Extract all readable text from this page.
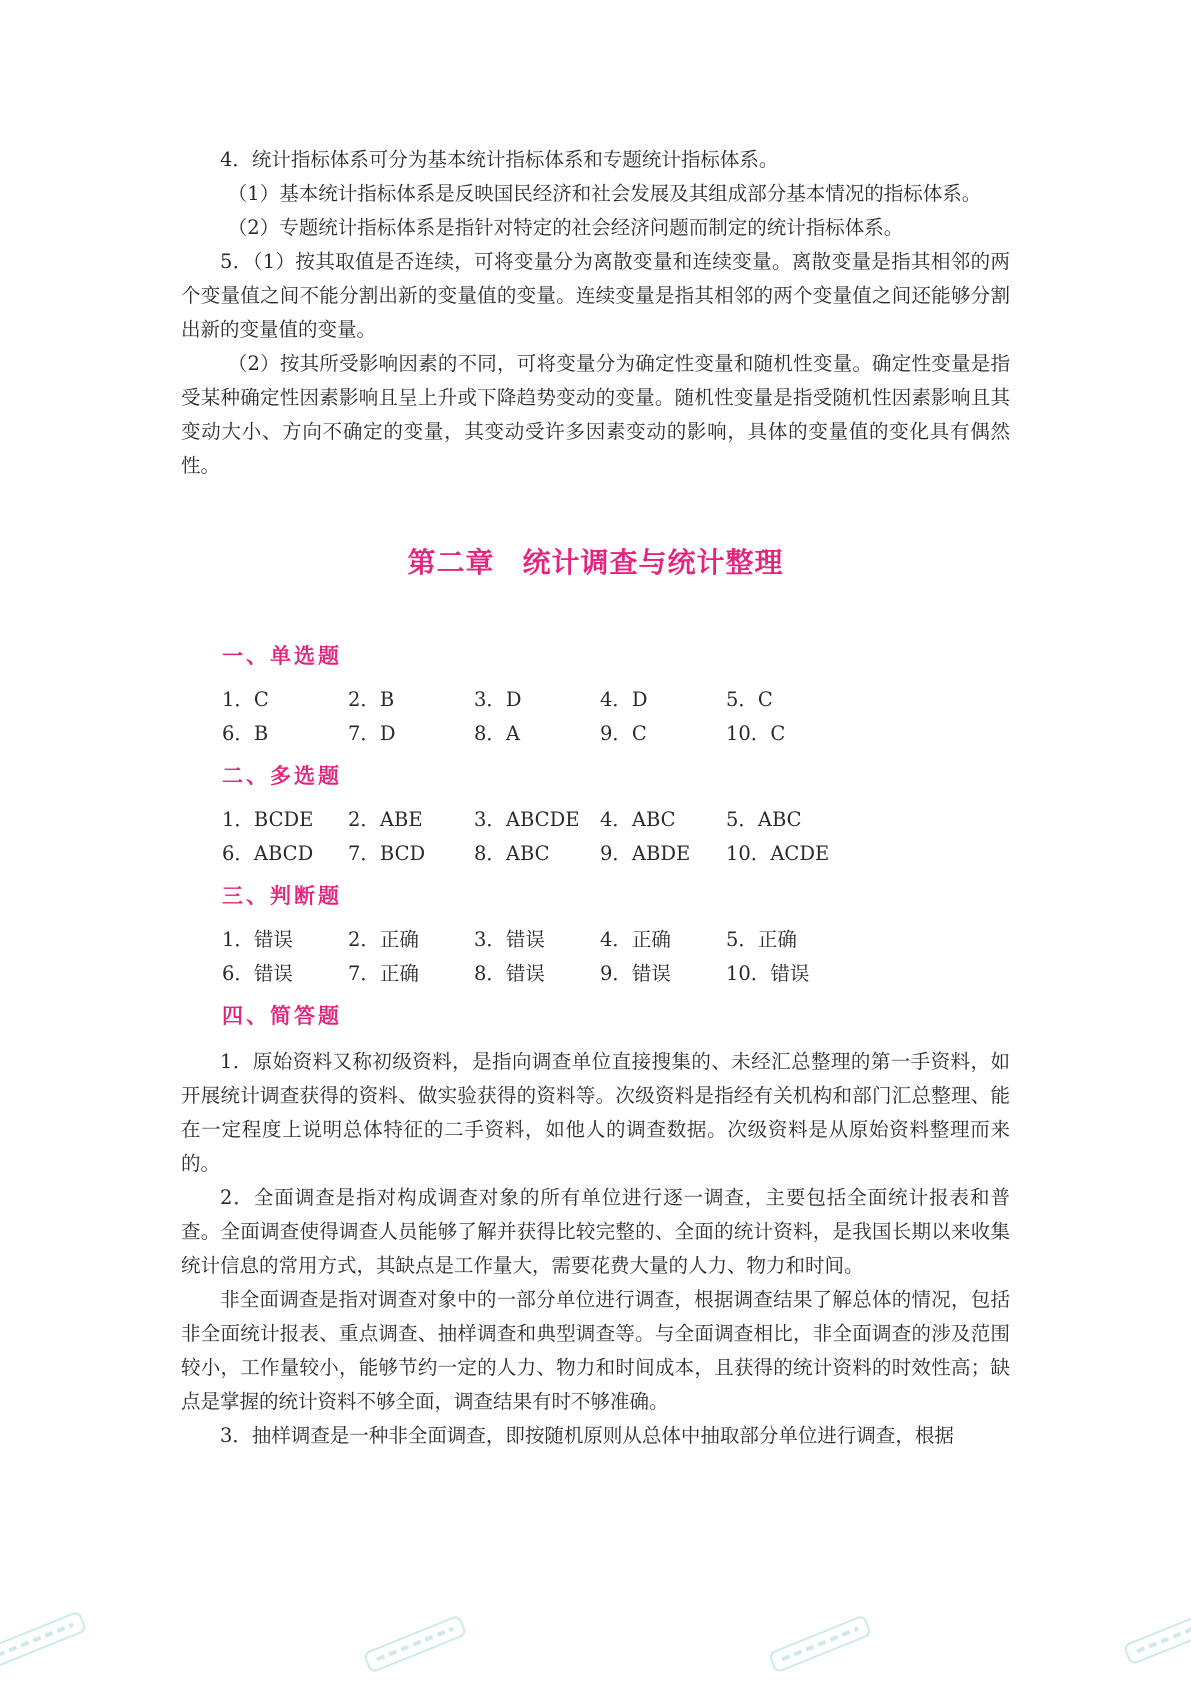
4．统计指标体系可分为基本统计指标体系和专题统计指标体系。

（1）基本统计指标体系是反映国民经济和社会发展及其组成部分基本情况的指标体系。

（2）专题统计指标体系是指针对特定的社会经济问题而制定的统计指标体系。

5．（1）按其取值是否连续，可将变量分为离散变量和连续变量。离散变量是指其相邻的两个变量值之间不能分割出新的变量值的变量。连续变量是指其相邻的两个变量值之间还能够分割出新的变量值的变量。

（2）按其所受影响因素的不同，可将变量分为确定性变量和随机性变量。确定性变量是指受某种确定性因素影响且呈上升或下降趋势变动的变量。随机性变量是指受随机性因素影响且其变动大小、方向不确定的变量，其变动受许多因素变动的影响，具体的变量值的变化具有偶然性。

第二章 统计调查与统计整理
一、单选题
1．C	2．B	3．D	4．D	5．C
6．B	7．D	8．A	9．C	10．C
二、多选题
1．BCDE	2．ABE	3．ABCDE	4．ABC	5．ABC
6．ABCD	7．BCD	8．ABC	9．ABDE	10．ACDE
三、判断题
1．错误	2．正确	3．错误	4．正确	5．正确
6．错误	7．正确	8．错误	9．错误	10．错误
四、简答题

1．原始资料又称初级资料，是指向调查单位直接搜集的、未经汇总整理的第一手资料，如开展统计调查获得的资料、做实验获得的资料等。次级资料是指经有关机构和部门汇总整理、能在一定程度上说明总体特征的二手资料，如他人的调查数据。次级资料是从原始资料整理而来的。

2．全面调查是指对构成调查对象的所有单位进行逐一调查，主要包括全面统计报表和普查。全面调查使得调查人员能够了解并获得比较完整的、全面的统计资料，是我国长期以来收集统计信息的常用方式，其缺点是工作量大，需要花费大量的人力、物力和时间。

非全面调查是指对调查对象中的一部分单位进行调查，根据调查结果了解总体的情况，包括非全面统计报表、重点调查、抽样调查和典型调查等。与全面调查相比，非全面调查的涉及范围较小，工作量较小，能够节约一定的人力、物力和时间成本，且获得的统计资料的时效性高；缺点是掌握的统计资料不够全面，调查结果有时不够准确。

3．抽样调查是一种非全面调查，即按随机原则从总体中抽取部分单位进行调查，根据
